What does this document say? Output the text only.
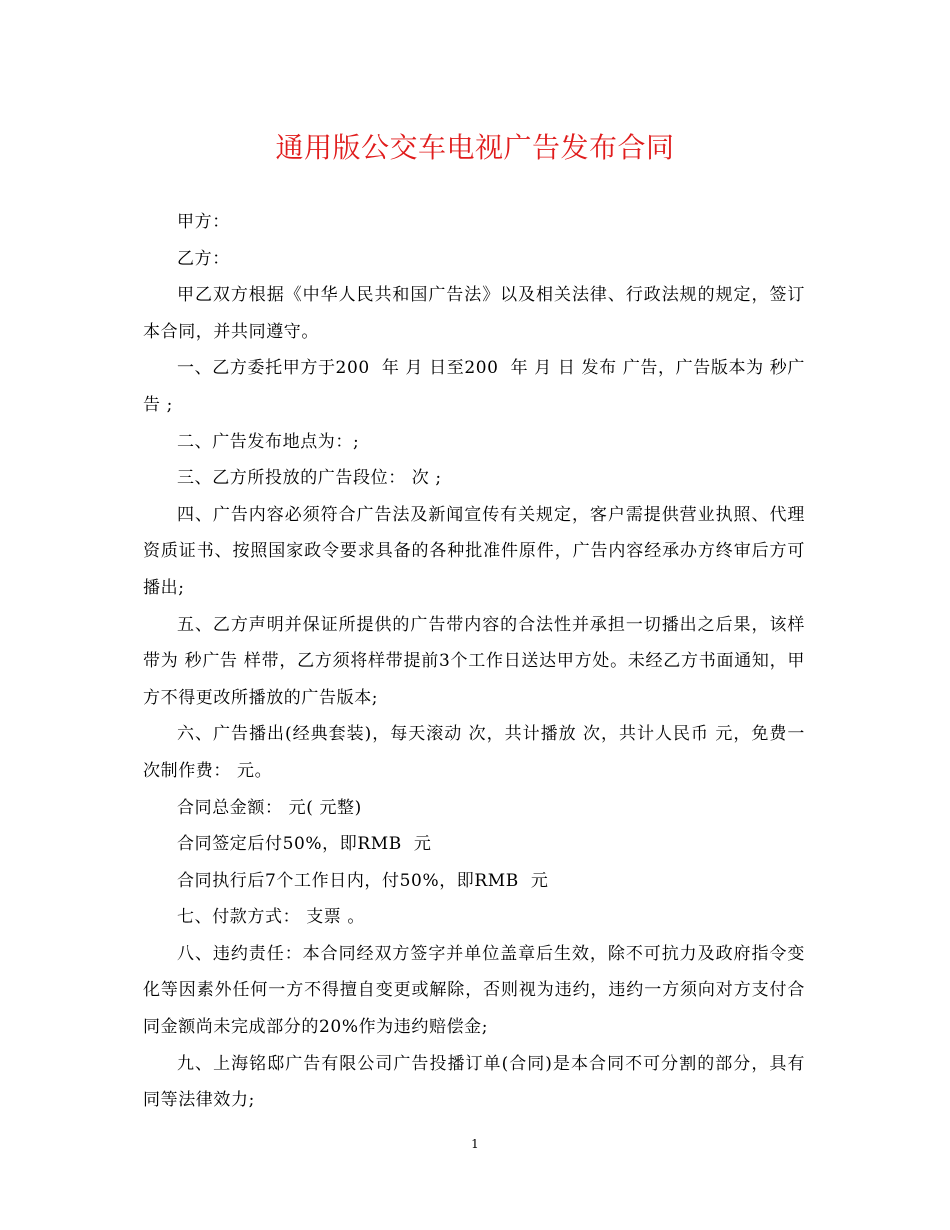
通用版公交车电视广告发布合同

甲方：

乙方：

甲乙双方根据《中华人民共和国广告法》以及相关法律、行政法规的规定，签订本合同，并共同遵守。

一、乙方委托甲方于200  年 月 日至200  年 月 日 发布 广告，广告版本为 秒广告 ;

二、广告发布地点为：;

三、乙方所投放的广告段位： 次 ;

四、广告内容必须符合广告法及新闻宣传有关规定，客户需提供营业执照、代理资质证书、按照国家政令要求具备的各种批准件原件，广告内容经承办方终审后方可播出;

五、乙方声明并保证所提供的广告带内容的合法性并承担一切播出之后果，该样带为 秒广告 样带，乙方须将样带提前3个工作日送达甲方处。未经乙方书面通知，甲方不得更改所播放的广告版本;

六、广告播出(经典套装)，每天滚动 次，共计播放 次，共计人民币 元，免费一次制作费： 元。

合同总金额： 元( 元整)

合同签定后付50%，即RMB  元

合同执行后7个工作日内，付50%，即RMB  元

七、付款方式： 支票 。

八、违约责任：本合同经双方签字并单位盖章后生效，除不可抗力及政府指令变化等因素外任何一方不得擅自变更或解除，否则视为违约，违约一方须向对方支付合同金额尚未完成部分的20%作为违约赔偿金;

九、上海铭邸广告有限公司广告投播订单(合同)是本合同不可分割的部分，具有同等法律效力;

1
